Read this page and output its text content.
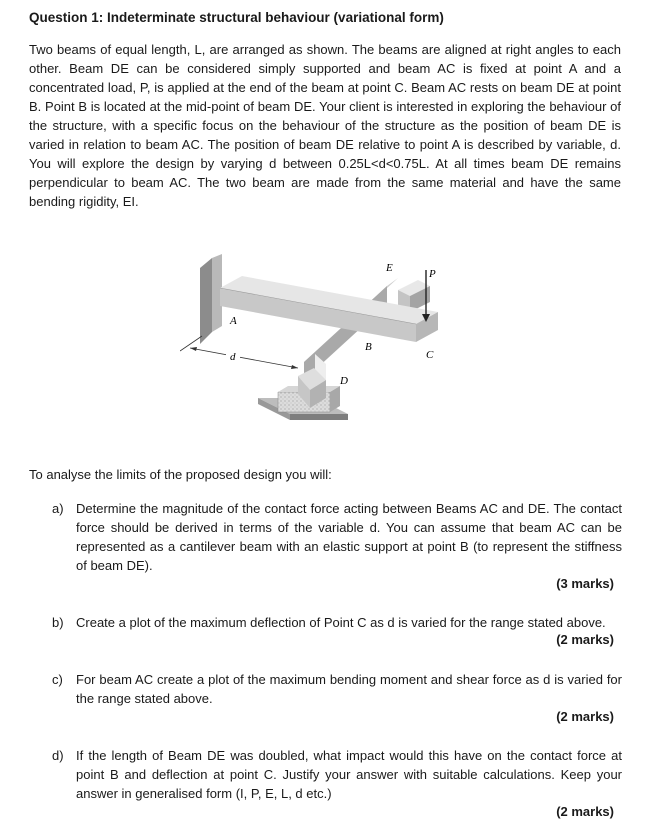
Question 1: Indeterminate structural behaviour (variational form)

Two beams of equal length, L, are arranged as shown. The beams are aligned at right angles to each other. Beam DE can be considered simply supported and beam AC is fixed at point A and a concentrated load, P, is applied at the end of the beam at point C. Beam AC rests on beam DE at point B. Point B is located at the mid-point of beam DE. Your client is interested in exploring the behaviour of the structure, with a specific focus on the behaviour of the structure as the position of beam DE is varied in relation to beam AC. The position of beam DE relative to point A is described by variable, d. You will explore the design by varying d between 0.25L<d<0.75L. At all times beam DE remains perpendicular to beam AC. The two beam are made from the same material and have the same bending rigidity, EI.

A
B
C
D
E	P
d
To analyse the limits of the proposed design you will:
a) Determine the magnitude of the contact force acting between Beams AC and DE. The contact force should be derived in terms of the variable d. You can assume that beam AC can be represented as a cantilever beam with an elastic support at point B (to represent the stiffness of beam DE).
(3 marks)
b) Create a plot of the maximum deflection of Point C as d is varied for the range stated above.
(2 marks)
c) For beam AC create a plot of the maximum bending moment and shear force as d is varied for the range stated above.
(2 marks)
d) If the length of Beam DE was doubled, what impact would this have on the contact force at point B and deflection at point C. Justify your answer with suitable calculations. Keep your answer in generalised form (I, P, E, L, d etc.)
(2 marks)
